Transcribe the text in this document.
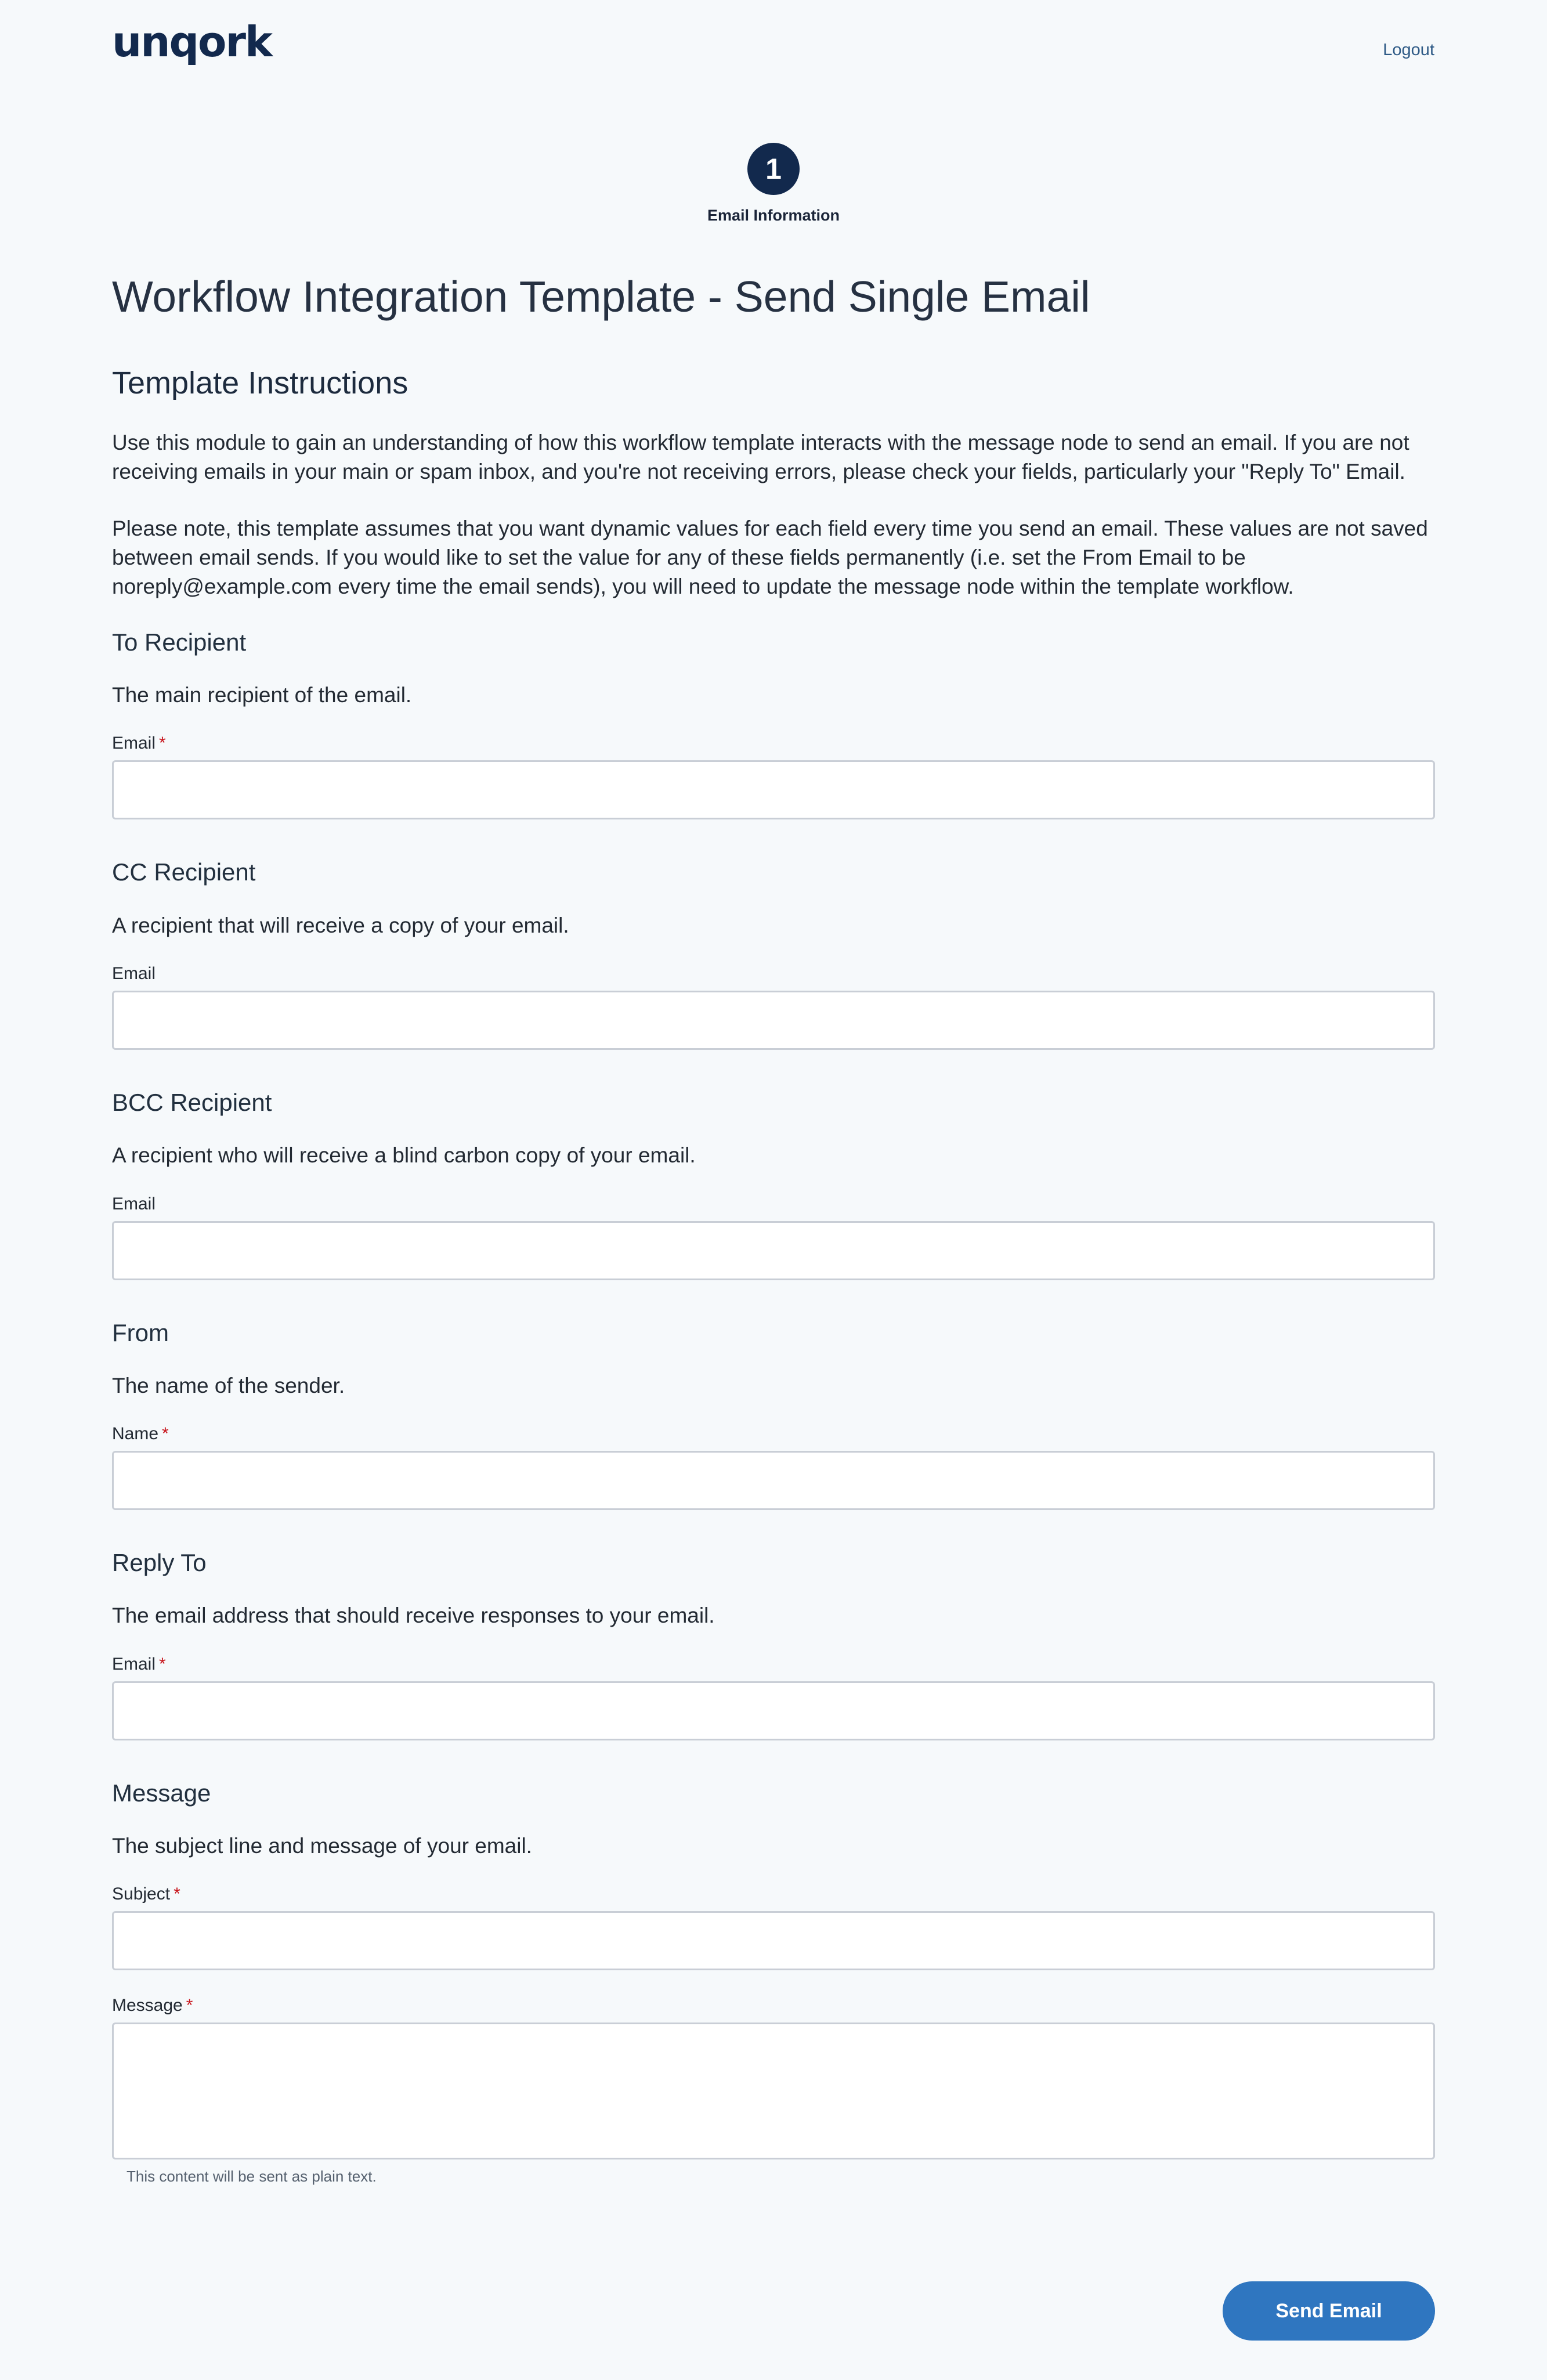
unqork	Logout
1
Email Information
Workflow Integration Template - Send Single Email
Template Instructions

Use this module to gain an understanding of how this workflow template interacts with the message node to send an email. If you are not receiving emails in your main or spam inbox, and you're not receiving errors, please check your fields, particularly your "Reply To" Email.

Please note, this template assumes that you want dynamic values for each field every time you send an email. These values are not saved between email sends. If you would like to set the value for any of these fields permanently (i.e. set the From Email to be noreply@example.com every time the email sends), you will need to update the message node within the template workflow.

To Recipient
The main recipient of the email.
Email *
CC Recipient
A recipient that will receive a copy of your email.
Email
BCC Recipient
A recipient who will receive a blind carbon copy of your email.
Email
From
The name of the sender.
Name *
Reply To
The email address that should receive responses to your email.
Email *
Message
The subject line and message of your email.
Subject *
Message *
This content will be sent as plain text.
Send Email
